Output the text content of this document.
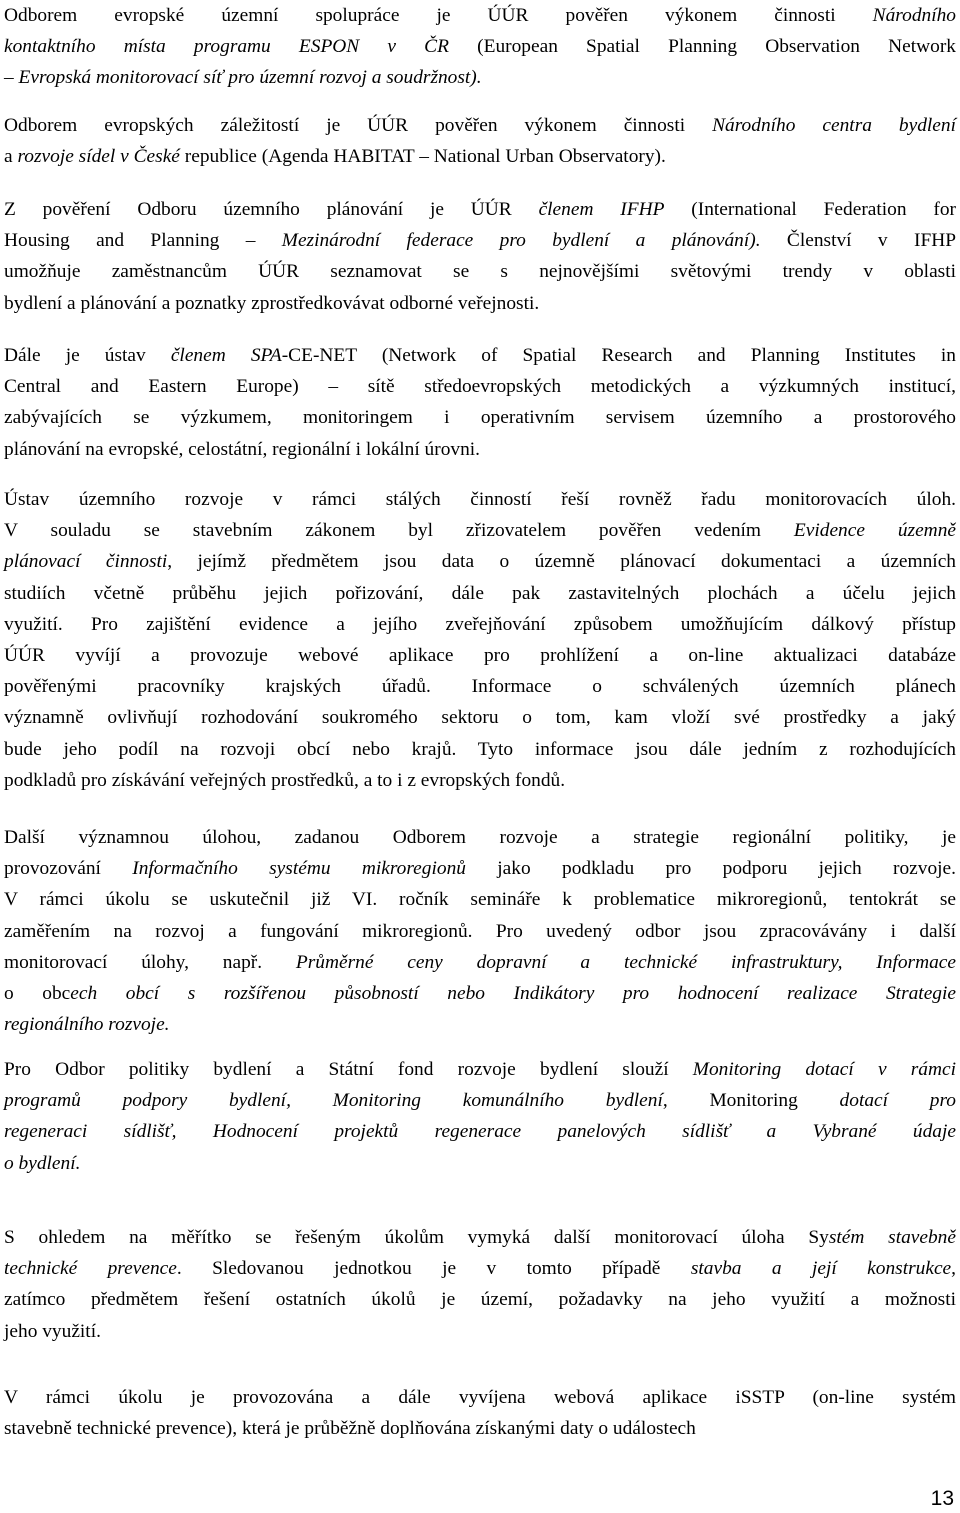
Odborem evropské územní spolupráce je ÚÚR pověřen výkonem činnosti Národního
kontaktního místa programu ESPON v ČR (European Spatial Planning Observation Network
– Evropská monitorovací síť pro územní rozvoj a soudržnost).

Odborem evropských záležitostí je ÚÚR pověřen výkonem činnosti Národního centra bydlení
a rozvoje sídel v České republice (Agenda HABITAT – National Urban Observatory).

Z pověření Odboru územního plánování je ÚÚR členem IFHP (International Federation for
Housing and Planning – Mezinárodní federace pro bydlení a plánování). Členství v IFHP
umožňuje zaměstnancům ÚÚR seznamovat se s nejnovějšími světovými trendy v oblasti
bydlení a plánování a poznatky zprostředkovávat odborné veřejnosti.

Dále je ústav členem SPA-CE-NET (Network of Spatial Research and Planning Institutes in
Central and Eastern Europe) – sítě středoevropských metodických a výzkumných institucí,
zabývajících se výzkumem, monitoringem i operativním servisem územního a prostorového
plánování na evropské, celostátní, regionální i lokální úrovni.

Ústav územního rozvoje v rámci stálých činností řeší rovněž řadu monitorovacích úloh.
V souladu se stavebním zákonem byl zřizovatelem pověřen vedením Evidence územně
plánovací činnosti, jejímž předmětem jsou data o územně plánovací dokumentaci a územních
studiích včetně průběhu jejich pořizování, dále pak zastavitelných plochách a účelu jejich
využití. Pro zajištění evidence a jejího zveřejňování způsobem umožňujícím dálkový přístup
ÚÚR vyvíjí a provozuje webové aplikace pro prohlížení a on-line aktualizaci databáze
pověřenými pracovníky krajských úřadů. Informace o schválených územních plánech
významně ovlivňují rozhodování soukromého sektoru o tom, kam vloží své prostředky a jaký
bude jeho podíl na rozvoji obcí nebo krajů. Tyto informace jsou dále jedním z rozhodujících
podkladů pro získávání veřejných prostředků, a to i z evropských fondů.

Další významnou úlohou, zadanou Odborem rozvoje a strategie regionální politiky, je
provozování Informačního systému mikroregionů jako podkladu pro podporu jejich rozvoje.
V rámci úkolu se uskutečnil již VI. ročník semináře k problematice mikroregionů, tentokrát se
zaměřením na rozvoj a fungování mikroregionů. Pro uvedený odbor jsou zpracovávány i další
monitorovací úlohy, např. Průměrné ceny dopravní a technické infrastruktury, Informace
o obcech obcí s rozšířenou působností nebo Indikátory pro hodnocení realizace Strategie
regionálního rozvoje.

Pro Odbor politiky bydlení a Státní fond rozvoje bydlení slouží Monitoring dotací v rámci
programů podpory bydlení, Monitoring komunálního bydlení, Monitoring dotací pro
regeneraci sídlišť, Hodnocení projektů regenerace panelových sídlišť a Vybrané údaje
o bydlení.

S ohledem na měřítko se řešeným úkolům vymyká další monitorovací úloha Systém stavebně
technické prevence. Sledovanou jednotkou je v tomto případě stavba a její konstrukce,
zatímco předmětem řešení ostatních úkolů je území, požadavky na jeho využití a možnosti
jeho využití.

V rámci úkolu je provozována a dále vyvíjena webová aplikace iSSTP (on-line systém
stavebně technické prevence), která je průběžně doplňována získanými daty o událostech

13
